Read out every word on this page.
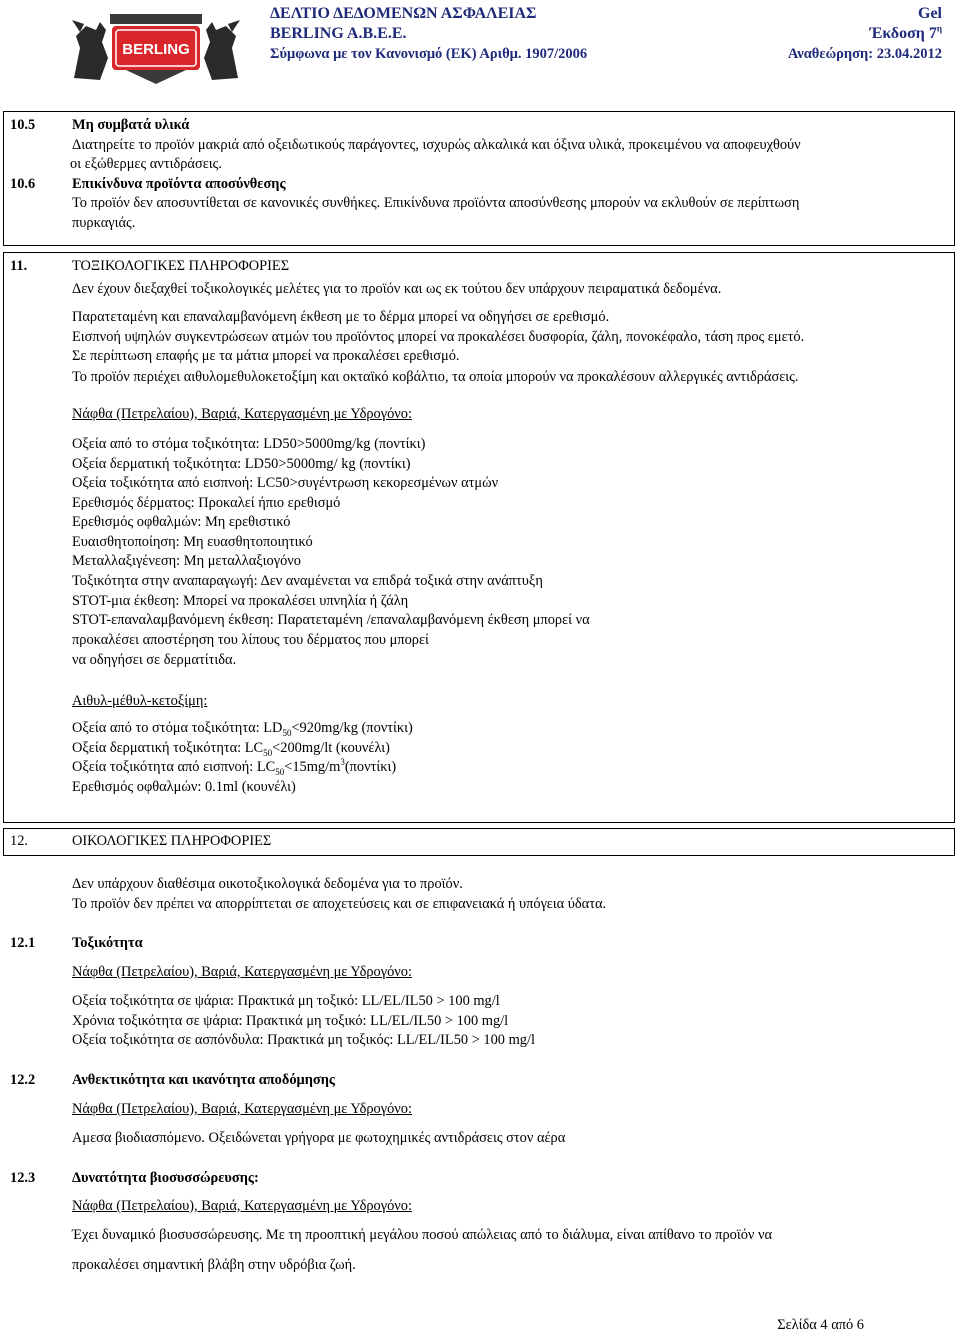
BERLING
ΔΕΛΤΙΟ ΔΕΔΟΜΕΝΩΝ ΑΣΦΑΛΕΙΑΣ
BERLING A.B.E.E.
Σύμφωνα με τον Κανονισμό (ΕΚ) Αριθμ. 1907/2006
Gel
Έκδοση $7^\eta$
Αναθεώρηση: 23.04.2012
10.5	Μη συμβατά υλικά
Διατηρείτε το προϊόν μακριά από οξειδωτικούς παράγοντες, ισχυρώς αλκαλικά και όξινα υλικά, προκειμένου να αποφευχθούν
οι εξώθερμες αντιδράσεις.
10.6	Επικίνδυνα προϊόντα αποσύνθεσης
Το προϊόν δεν αποσυντίθεται σε κανονικές συνθήκες. Επικίνδυνα προϊόντα αποσύνθεσης μπορούν να εκλυθούν σε περίπτωση
πυρκαγιάς.
11.	ΤΟΞΙΚΟΛΟΓΙΚΕΣ ΠΛΗΡΟΦΟΡΙΕΣ
Δεν έχουν διεξαχθεί τοξικολογικές μελέτες για το προϊόν και ως εκ τούτου δεν υπάρχουν πειραματικά δεδομένα.
Παρατεταμένη και επαναλαμβανόμενη έκθεση με το δέρμα μπορεί να οδηγήσει σε ερεθισμό.
Εισπνοή υψηλών συγκεντρώσεων ατμών του προϊόντος μπορεί να προκαλέσει δυσφορία, ζάλη, πονοκέφαλο, τάση προς εμετό.
Σε περίπτωση επαφής με τα μάτια μπορεί να προκαλέσει ερεθισμό.
Το προϊόν περιέχει αιθυλομεθυλοκετοξίμη και οκταϊκό κοβάλτιο, τα οποία μπορούν να προκαλέσουν αλλεργικές αντιδράσεις.
Νάφθα (Πετρελαίου), Βαριά, Κατεργασμένη με Υδρογόνο:
Οξεία από το στόμα τοξικότητα: LD50>5000mg/kg (ποντίκι)
Οξεία δερματική τοξικότητα: LD50>5000mg/ kg (ποντίκι)
Οξεία τοξικότητα από εισπνοή: LC50>συγέντρωση κεκορεσμένων ατμών
Ερεθισμός δέρματος: Προκαλεί ήπιο ερεθισμό
Ερεθισμός οφθαλμών: Μη ερεθιστικό
Ευαισθητοποίηση: Μη ευασθητοποιητικό
Μεταλλαξιγένεση: Μη μεταλλαξιογόνο
Τοξικότητα στην αναπαραγωγή: Δεν αναμένεται να επιδρά τοξικά στην ανάπτυξη
STOT-μια έκθεση: Μπορεί να προκαλέσει υπνηλία ή ζάλη
STOT-επαναλαμβανόμενη έκθεση: Παρατεταμένη /επαναλαμβανόμενη έκθεση μπορεί να
προκαλέσει αποστέρηση του λίπους του δέρματος που μπορεί
να οδηγήσει σε δερματίτιδα.
Αιθυλ-μέθυλ-κετοξίμη:
Οξεία από το στόμα τοξικότητα: $LD_{50}<920mg/kg$ (ποντίκι)
Οξεία δερματική τοξικότητα: $LC_{50}<200mg/lt$ (κουνέλι)
Οξεία τοξικότητα από εισπνοή: $LC_{50}<15mg/m^3(\pi o\nu\tau ί\kappa\iota)$
Ερεθισμός οφθαλμών: 0.1ml (κουνέλι)
12.	ΟΙΚΟΛΟΓΙΚΕΣ ΠΛΗΡΟΦΟΡΙΕΣ
Δεν υπάρχουν διαθέσιμα οικοτοξικολογικά δεδομένα για το προϊόν.
Το προϊόν δεν πρέπει να απορρίπτεται σε αποχετεύσεις και σε επιφανειακά ή υπόγεια ύδατα.
12.1	Τοξικότητα
Νάφθα (Πετρελαίου), Βαριά, Κατεργασμένη με Υδρογόνο:
Οξεία τοξικότητα σε ψάρια: Πρακτικά μη τοξικό: LL/EL/IL50 > 100 mg/l
Χρόνια τοξικότητα σε ψάρια: Πρακτικά μη τοξικό: LL/EL/IL50 > 100 mg/l
Οξεία τοξικότητα σε ασπόνδυλα: Πρακτικά μη τοξικός: LL/EL/IL50 > 100 mg/l
12.2	Ανθεκτικότητα και ικανότητα αποδόμησης
Νάφθα (Πετρελαίου), Βαριά, Κατεργασμένη με Υδρογόνο:
Αμεσα βιοδιασπόμενο. Οξειδώνεται γρήγορα με φωτοχημικές αντιδράσεις στον αέρα
12.3	Δυνατότητα βιοσυσσώρευσης:
Νάφθα (Πετρελαίου), Βαριά, Κατεργασμένη με Υδρογόνο:
Έχει δυναμικό βιοσυσσώρευσης. Με τη προοπτική μεγάλου ποσού απώλειας από το διάλυμα, είναι απίθανο το προϊόν να
προκαλέσει σημαντική βλάβη στην υδρόβια ζωή.
Σελίδα 4 από 6
